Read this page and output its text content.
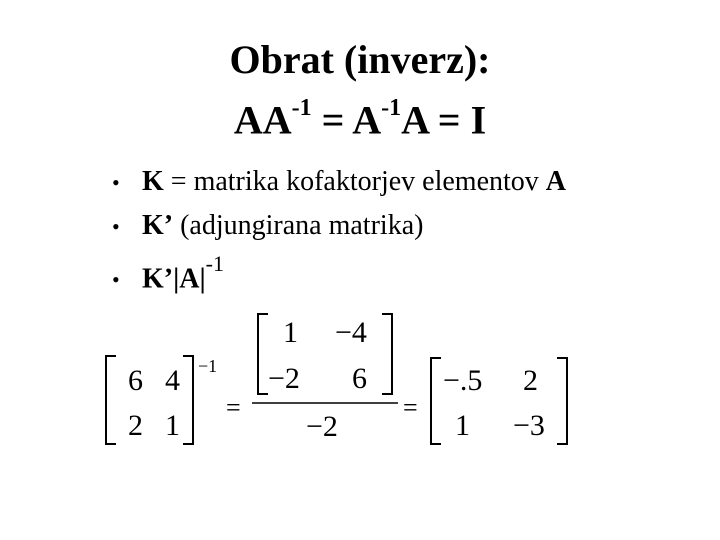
Obrat (inverz):
$AA^{-1} = A^{-1}A = I$
• K = matrika kofaktorjev elementov A
• K’ (adjungirana matrika)
• $K’|A|^{-1}$
6 4
2 1
−1
=
1 −4
−2 6
−2
=
−.5 2
1 −3
